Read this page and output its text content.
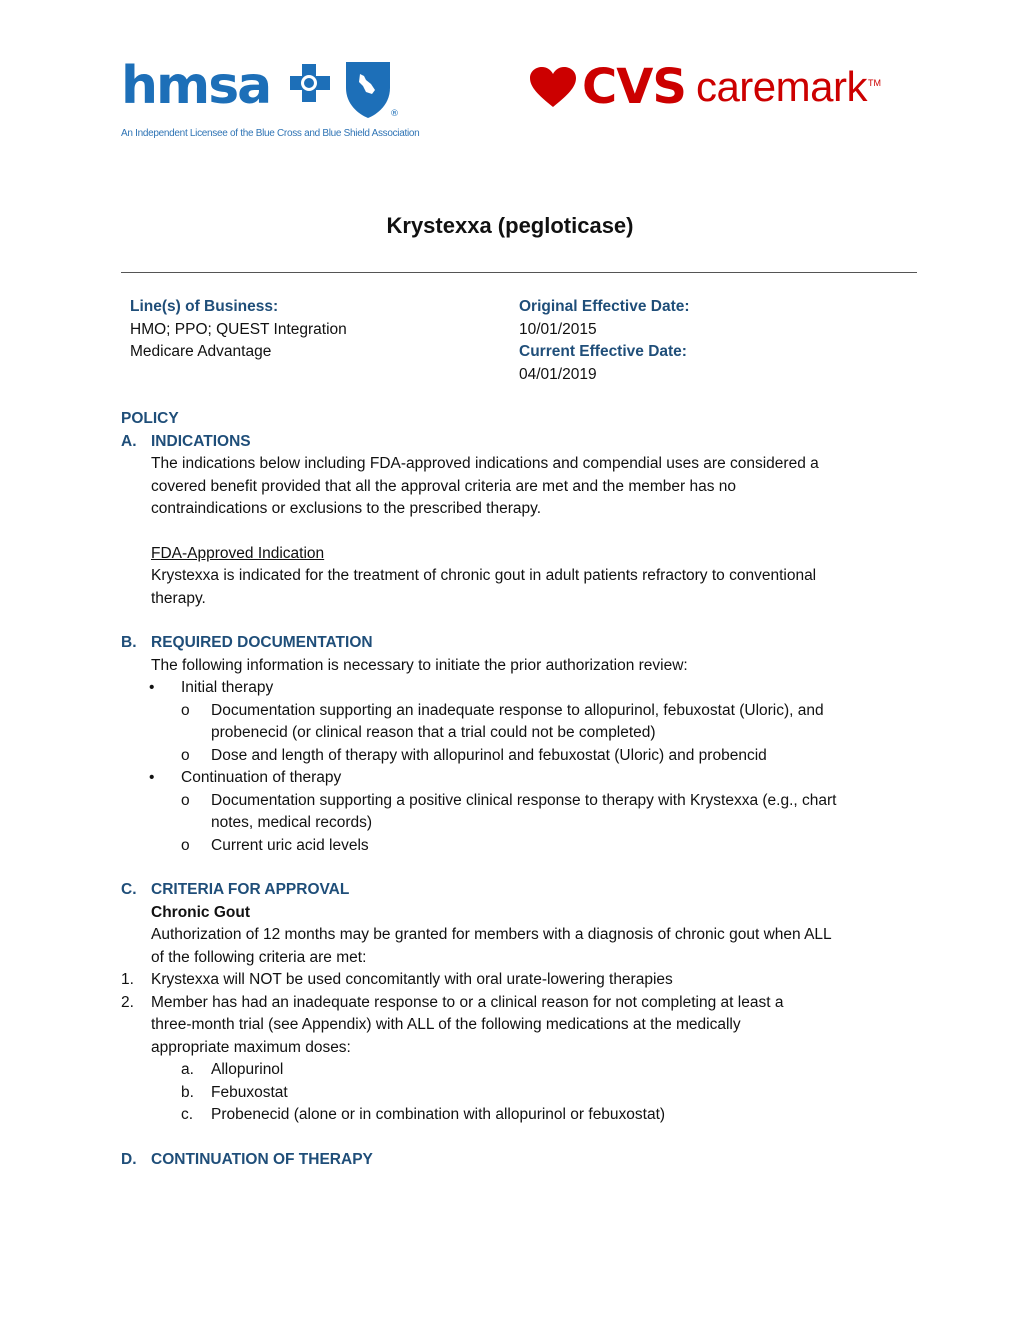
hmsa
An Independent Licensee of the Blue Cross and Blue Shield Association
®	CVS caremark TM
Krystexxa (pegloticase)
Line(s) of Business:
HMO; PPO; QUEST Integration
Medicare Advantage
Original Effective Date:
10/01/2015
Current Effective Date:
04/01/2019
POLICY
A. INDICATIONS
The indications below including FDA-approved indications and compendial uses are considered a
covered benefit provided that all the approval criteria are met and the member has no
contraindications or exclusions to the prescribed therapy.
FDA-Approved Indication
Krystexxa is indicated for the treatment of chronic gout in adult patients refractory to conventional
therapy.
B. REQUIRED DOCUMENTATION
The following information is necessary to initiate the prior authorization review:
• Initial therapy
o Documentation supporting an inadequate response to allopurinol, febuxostat (Uloric), and
probenecid (or clinical reason that a trial could not be completed)
o Dose and length of therapy with allopurinol and febuxostat (Uloric) and probencid
• Continuation of therapy
o Documentation supporting a positive clinical response to therapy with Krystexxa (e.g., chart
notes, medical records)
o Current uric acid levels
C. CRITERIA FOR APPROVAL
Chronic Gout
Authorization of 12 months may be granted for members with a diagnosis of chronic gout when ALL
of the following criteria are met:
1.	Krystexxa will NOT be used concomitantly with oral urate-lowering therapies
2.	Member has had an inadequate response to or a clinical reason for not completing at least a
three-month trial (see Appendix) with ALL of the following medications at the medically
appropriate maximum doses:
a. Allopurinol
b. Febuxostat
c. Probenecid (alone or in combination with allopurinol or febuxostat)
D. CONTINUATION OF THERAPY
